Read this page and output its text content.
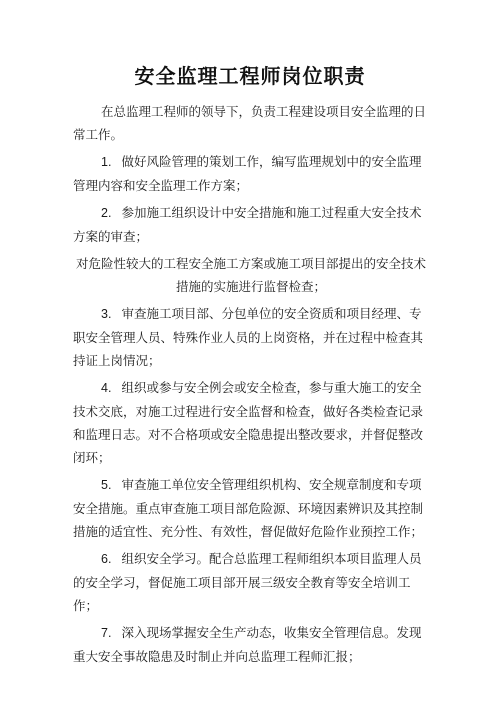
安全监理工程师岗位职责

在总监理工程师的领导下，负责工程建设项目安全监理的日常工作。

1. 做好风险管理的策划工作，编写监理规划中的安全监理管理内容和安全监理工作方案；

2. 参加施工组织设计中安全措施和施工过程重大安全技术方案的审查；

对危险性较大的工程安全施工方案或施工项目部提出的安全技术措施的实施进行监督检查；

3. 审查施工项目部、分包单位的安全资质和项目经理、专职安全管理人员、特殊作业人员的上岗资格，并在过程中检查其持证上岗情况；

4. 组织或参与安全例会或安全检查，参与重大施工的安全技术交底，对施工过程进行安全监督和检查，做好各类检查记录和监理日志。对不合格项或安全隐患提出整改要求，并督促整改闭环；

5. 审查施工单位安全管理组织机构、安全规章制度和专项安全措施。重点审查施工项目部危险源、环境因素辨识及其控制措施的适宜性、充分性、有效性，督促做好危险作业预控工作；

6. 组织安全学习。配合总监理工程师组织本项目监理人员的安全学习，督促施工项目部开展三级安全教育等安全培训工作；

7. 深入现场掌握安全生产动态，收集安全管理信息。发现重大安全事故隐患及时制止并向总监理工程师汇报；
